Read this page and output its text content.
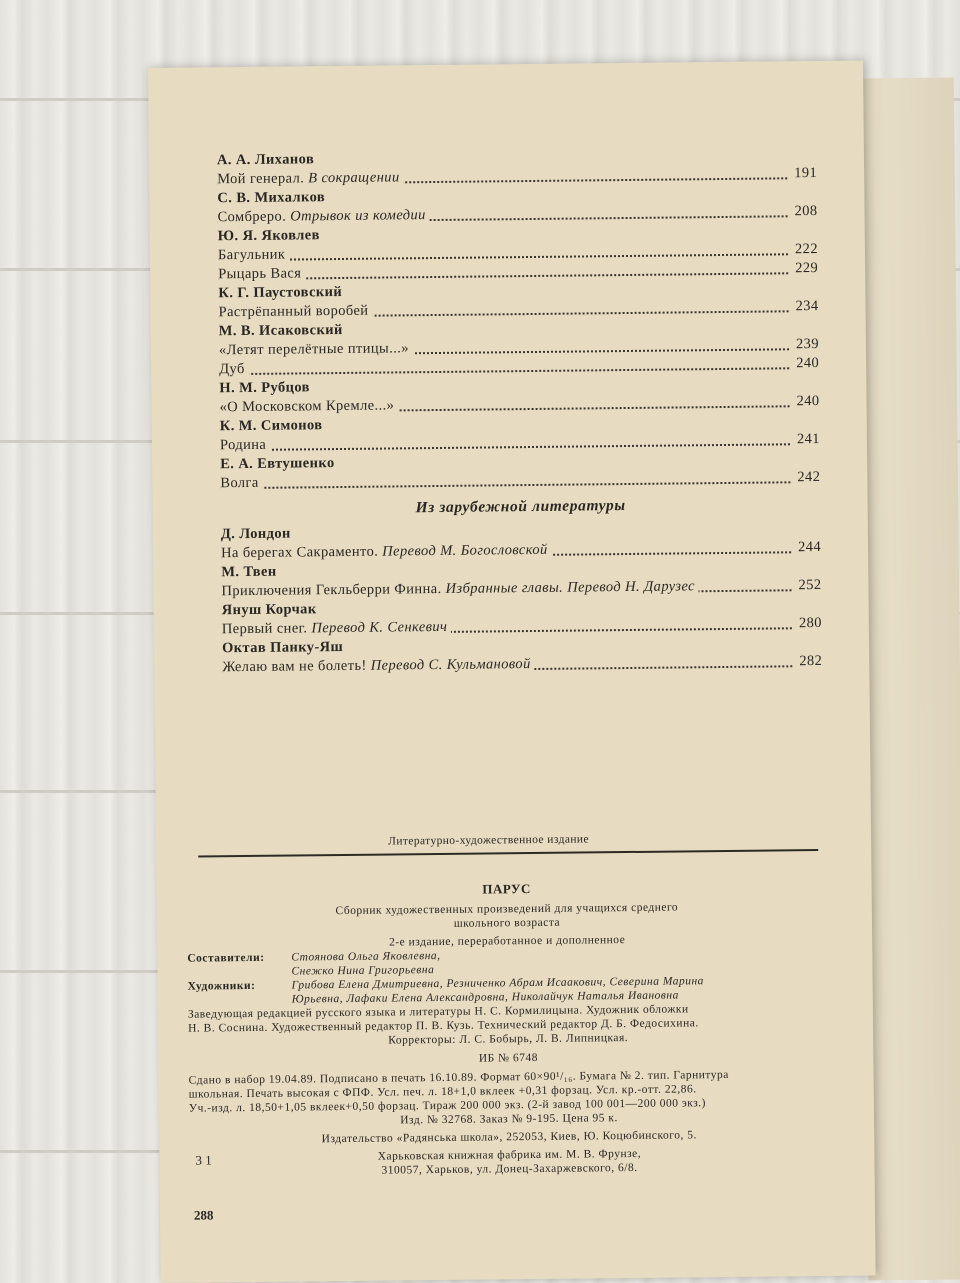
А. А. Лиханов
Мой генерал. В сокращении	191
С. В. Михалков
Сомбреро. Отрывок из комедии	208
Ю. Я. Яковлев
Багульник	222
Рыцарь Вася	229
К. Г. Паустовский
Растрёпанный воробей	234
М. В. Исаковский
«Летят перелётные птицы...»	239
Дуб	240
Н. М. Рубцов
«О Московском Кремле...»	240
К. М. Симонов
Родина	241
Е. А. Евтушенко
Волга	242
Из зарубежной литературы
Д. Лондон
На берегах Сакраменто. Перевод М. Богословской	244
М. Твен
Приключения Гекльберри Финна. Избранные главы. Перевод Н. Дарузес	252
Януш Корчак
Первый снег. Перевод К. Сенкевич	280
Октав Панку-Яш
Желаю вам не болеть! Перевод С. Кульмановой	282
Литературно-художественное издание
ПАРУС
Сборник художественных произведений для учащихся среднего
школьного возраста
2-е издание, переработанное и дополненное
Составители:	Стоянова Ольга Яковлевна,
Снежко Нина Григорьевна
Художники:	Грибова Елена Дмитриевна, Резниченко Абрам Исаакович, Северина Марина
Юрьевна, Лафаки Елена Александровна, Николайчук Наталья Ивановна
Заведующая редакцией русского языка и литературы Н. С. Кормилицына. Художник обложки
Н. В. Соснина. Художественный редактор П. В. Кузь. Технический редактор Д. Б. Федосихина.
Корректоры: Л. С. Бобырь, Л. В. Липницкая.
ИБ № 6748
Сдано в набор 19.04.89. Подписано в печать 16.10.89. Формат 60×90¹/₁₆. Бумага № 2. тип. Гарнитура
школьная. Печать высокая с ФПФ. Усл. печ. л. 18+1,0 вклеек +0,31 форзац. Усл. кр.-отт. 22,86.
Уч.-изд. л. 18,50+1,05 вклеек+0,50 форзац. Тираж 200 000 экз. (2-й завод 100 001—200 000 экз.)
Изд. № 32768. Заказ № 9-195. Цена 95 к.
Издательство «Радянська школа», 252053, Киев, Ю. Коцюбинского, 5.
Харьковская книжная фабрика им. М. В. Фрунзе,
310057, Харьков, ул. Донец-Захаржевского, 6/8.
3 1
288
